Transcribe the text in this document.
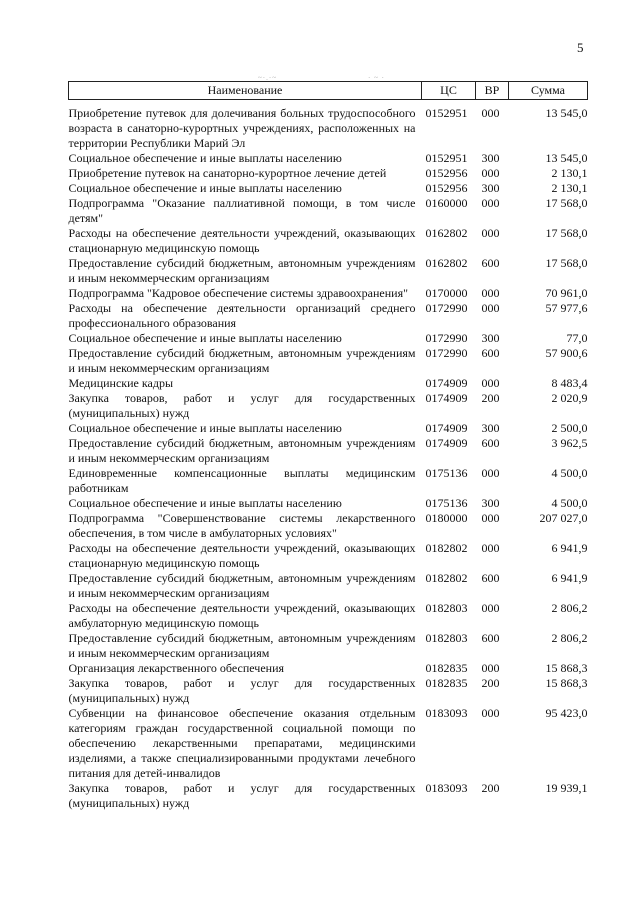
5
~·.·~	· ~ ·
Наименование	ЦС	ВР	Сумма
Приобретение путевок для долечивания больных трудоспособного возраста в санаторно-курортных учреждениях, расположенных на территории Республики Марий Эл	0152951	000	13 545,0
Социальное обеспечение и иные выплаты населению	0152951	300	13 545,0
Приобретение путевок на санаторно-курортное лечение детей	0152956	000	2 130,1
Социальное обеспечение и иные выплаты населению	0152956	300	2 130,1
Подпрограмма "Оказание паллиативной помощи, в том числе детям"	0160000	000	17 568,0
Расходы на обеспечение деятельности учреждений, оказывающих стационарную медицинскую помощь	0162802	000	17 568,0
Предоставление субсидий бюджетным, автономным учреждениям и иным некоммерческим организациям	0162802	600	17 568,0
Подпрограмма "Кадровое обеспечение системы здравоохранения"	0170000	000	70 961,0
Расходы на обеспечение деятельности организаций среднего профессионального образования	0172990	000	57 977,6
Социальное обеспечение и иные выплаты населению	0172990	300	77,0
Предоставление субсидий бюджетным, автономным учреждениям и иным некоммерческим организациям	0172990	600	57 900,6
Медицинские кадры	0174909	000	8 483,4
Закупка товаров, работ и услуг для государственных (муниципальных) нужд	0174909	200	2 020,9
Социальное обеспечение и иные выплаты населению	0174909	300	2 500,0
Предоставление субсидий бюджетным, автономным учреждениям и иным некоммерческим организациям	0174909	600	3 962,5
Единовременные компенсационные выплаты медицинским работникам	0175136	000	4 500,0
Социальное обеспечение и иные выплаты населению	0175136	300	4 500,0
Подпрограмма "Совершенствование системы лекарственного обеспечения, в том числе в амбулаторных условиях"	0180000	000	207 027,0
Расходы на обеспечение деятельности учреждений, оказывающих стационарную медицинскую помощь	0182802	000	6 941,9
Предоставление субсидий бюджетным, автономным учреждениям и иным некоммерческим организациям	0182802	600	6 941,9
Расходы на обеспечение деятельности учреждений, оказывающих амбулаторную медицинскую помощь	0182803	000	2 806,2
Предоставление субсидий бюджетным, автономным учреждениям и иным некоммерческим организациям	0182803	600	2 806,2
Организация лекарственного обеспечения	0182835	000	15 868,3
Закупка товаров, работ и услуг для государственных (муниципальных) нужд	0182835	200	15 868,3
Субвенции на финансовое обеспечение оказания отдельным категориям граждан государственной социальной помощи по обеспечению лекарственными препаратами, медицинскими изделиями, а также специализированными продуктами лечебного питания для детей-инвалидов	0183093	000	95 423,0
Закупка товаров, работ и услуг для государственных (муниципальных) нужд	0183093	200	19 939,1
